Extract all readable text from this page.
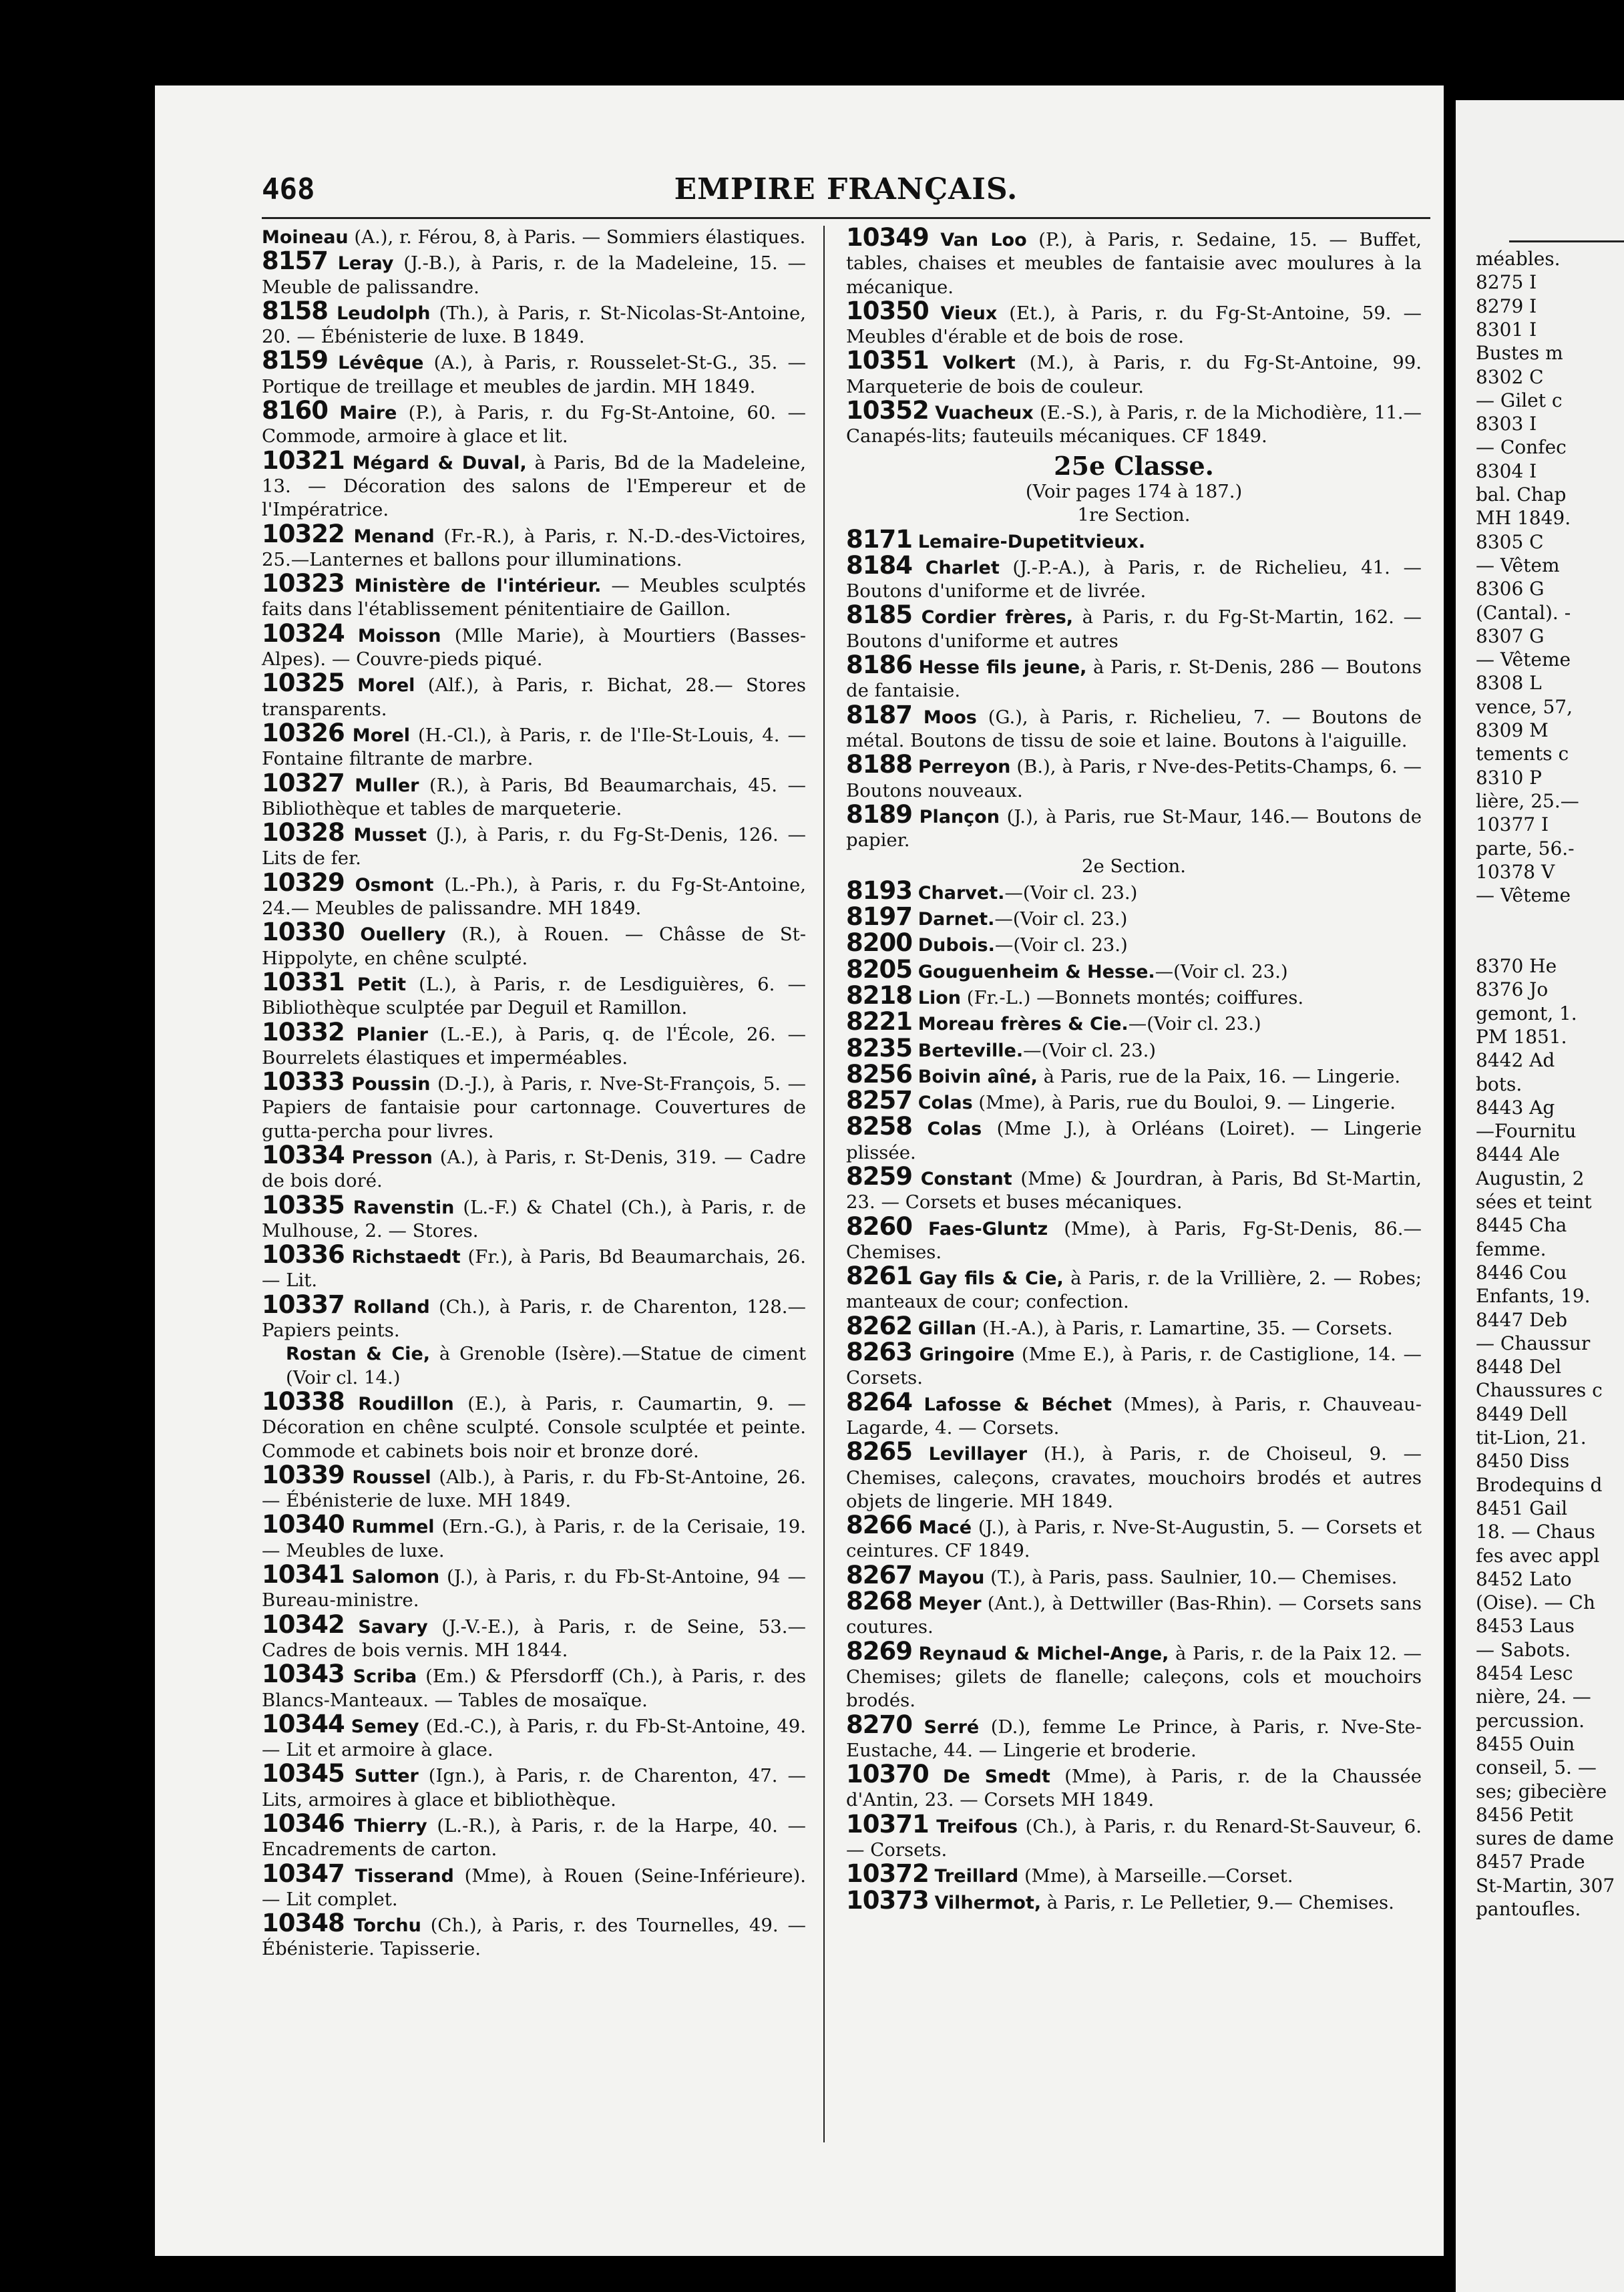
EMPIRE FRANÇAIS.
468

Moineau (A.), r. Férou, 8, à Paris. — Sommiers élastiques.

8157 Leray (J.-B.), à Paris, r. de la Madeleine, 15. — Meuble de palissandre.

8158 Leudolph (Th.), à Paris, r. St-Nicolas-St-Antoine, 20. — Ébénisterie de luxe. B 1849.

8159 Lévêque (A.), à Paris, r. Rousselet-St-G., 35. — Portique de treillage et meubles de jardin. MH 1849.

8160 Maire (P.), à Paris, r. du Fg-St-Antoine, 60. — Commode, armoire à glace et lit.

10321 Mégard & Duval, à Paris, Bd de la Madeleine, 13. — Décoration des salons de l'Empereur et de l'Impératrice.

10322 Menand (Fr.-R.), à Paris, r. N.-D.-des-Victoires, 25.—Lanternes et ballons pour illuminations.

10323 Ministère de l'intérieur. — Meubles sculptés faits dans l'établissement pénitentiaire de Gaillon.

10324 Moisson (Mlle Marie), à Mourtiers (Basses-Alpes). — Couvre-pieds piqué.

10325 Morel (Alf.), à Paris, r. Bichat, 28.— Stores transparents.

10326 Morel (H.-Cl.), à Paris, r. de l'Ile-St-Louis, 4. — Fontaine filtrante de marbre.

10327 Muller (R.), à Paris, Bd Beaumarchais, 45. — Bibliothèque et tables de marqueterie.

10328 Musset (J.), à Paris, r. du Fg-St-Denis, 126. — Lits de fer.

10329 Osmont (L.-Ph.), à Paris, r. du Fg-St-Antoine, 24.— Meubles de palissandre. MH 1849.

10330 Ouellery (R.), à Rouen. — Châsse de St-Hippolyte, en chêne sculpté.

10331 Petit (L.), à Paris, r. de Lesdiguières, 6. — Bibliothèque sculptée par Deguil et Ramillon.

10332 Planier (L.-E.), à Paris, q. de l'École, 26. — Bourrelets élastiques et imperméables.

10333 Poussin (D.-J.), à Paris, r. Nve-St-François, 5. — Papiers de fantaisie pour cartonnage. Couvertures de gutta-percha pour livres.

10334 Presson (A.), à Paris, r. St-Denis, 319. — Cadre de bois doré.

10335 Ravenstin (L.-F.) & Chatel (Ch.), à Paris, r. de Mulhouse, 2. — Stores.

10336 Richstaedt (Fr.), à Paris, Bd Beaumarchais, 26. — Lit.

10337 Rolland (Ch.), à Paris, r. de Charenton, 128.— Papiers peints.

Rostan & Cie, à Grenoble (Isère).—Statue de ciment (Voir cl. 14.)

10338 Roudillon (E.), à Paris, r. Caumartin, 9. —Décoration en chêne sculpté. Console sculptée et peinte. Commode et cabinets bois noir et bronze doré.

10339 Roussel (Alb.), à Paris, r. du Fb-St-Antoine, 26. — Ébénisterie de luxe. MH 1849.

10340 Rummel (Ern.-G.), à Paris, r. de la Cerisaie, 19. — Meubles de luxe.

10341 Salomon (J.), à Paris, r. du Fb-St-Antoine, 94 — Bureau-ministre.

10342 Savary (J.-V.-E.), à Paris, r. de Seine, 53.—Cadres de bois vernis. MH 1844.

10343 Scriba (Em.) & Pfersdorff (Ch.), à Paris, r. des Blancs-Manteaux. — Tables de mosaïque.

10344 Semey (Ed.-C.), à Paris, r. du Fb-St-Antoine, 49. — Lit et armoire à glace.

10345 Sutter (Ign.), à Paris, r. de Charenton, 47. — Lits, armoires à glace et bibliothèque.

10346 Thierry (L.-R.), à Paris, r. de la Harpe, 40. — Encadrements de carton.

10347 Tisserand (Mme), à Rouen (Seine-Inférieure). — Lit complet.

10348 Torchu (Ch.), à Paris, r. des Tournelles, 49. — Ébénisterie. Tapisserie.

10349 Van Loo (P.), à Paris, r. Sedaine, 15. — Buffet, tables, chaises et meubles de fantaisie avec moulures à la mécanique.

10350 Vieux (Et.), à Paris, r. du Fg-St-Antoine, 59. — Meubles d'érable et de bois de rose.

10351 Volkert (M.), à Paris, r. du Fg-St-Antoine, 99. Marqueterie de bois de couleur.

10352 Vuacheux (E.-S.), à Paris, r. de la Michodière, 11.—Canapés-lits; fauteuils mécaniques. CF 1849.

25e Classe.
(Voir pages 174 à 187.)
1re Section.

8171 Lemaire-Dupetitvieux.

8184 Charlet (J.-P.-A.), à Paris, r. de Richelieu, 41. — Boutons d'uniforme et de livrée.

8185 Cordier frères, à Paris, r. du Fg-St-Martin, 162. — Boutons d'uniforme et autres

8186 Hesse fils jeune, à Paris, r. St-Denis, 286 — Boutons de fantaisie.

8187 Moos (G.), à Paris, r. Richelieu, 7. — Boutons de métal. Boutons de tissu de soie et laine. Boutons à l'aiguille.

8188 Perreyon (B.), à Paris, r Nve-des-Petits-Champs, 6. — Boutons nouveaux.

8189 Plançon (J.), à Paris, rue St-Maur, 146.— Boutons de papier.

2e Section.

8193 Charvet.—(Voir cl. 23.)

8197 Darnet.—(Voir cl. 23.)

8200 Dubois.—(Voir cl. 23.)

8205 Gouguenheim & Hesse.—(Voir cl. 23.)

8218 Lion (Fr.-L.) —Bonnets montés; coiffures.

8221 Moreau frères & Cie.—(Voir cl. 23.)

8235 Berteville.—(Voir cl. 23.)

8256 Boivin aîné, à Paris, rue de la Paix, 16. — Lingerie.

8257 Colas (Mme), à Paris, rue du Bouloi, 9. — Lingerie.

8258 Colas (Mme J.), à Orléans (Loiret). — Lingerie plissée.

8259 Constant (Mme) & Jourdran, à Paris, Bd St-Martin, 23. — Corsets et buses mécaniques.

8260 Faes-Gluntz (Mme), à Paris, Fg-St-Denis, 86.—Chemises.

8261 Gay fils & Cie, à Paris, r. de la Vrillière, 2. — Robes; manteaux de cour; confection.

8262 Gillan (H.-A.), à Paris, r. Lamartine, 35. — Corsets.

8263 Gringoire (Mme E.), à Paris, r. de Castiglione, 14. — Corsets.

8264 Lafosse & Béchet (Mmes), à Paris, r. Chauveau-Lagarde, 4. — Corsets.

8265 Levillayer (H.), à Paris, r. de Choiseul, 9. — Chemises, caleçons, cravates, mouchoirs brodés et autres objets de lingerie. MH 1849.

8266 Macé (J.), à Paris, r. Nve-St-Augustin, 5. — Corsets et ceintures. CF 1849.

8267 Mayou (T.), à Paris, pass. Saulnier, 10.— Chemises.

8268 Meyer (Ant.), à Dettwiller (Bas-Rhin). — Corsets sans coutures.

8269 Reynaud & Michel-Ange, à Paris, r. de la Paix 12. — Chemises; gilets de flanelle; caleçons, cols et mouchoirs brodés.

8270 Serré (D.), femme Le Prince, à Paris, r. Nve-Ste-Eustache, 44. — Lingerie et broderie.

10370 De Smedt (Mme), à Paris, r. de la Chaussée d'Antin, 23. — Corsets MH 1849.

10371 Treifous (Ch.), à Paris, r. du Renard-St-Sauveur, 6. — Corsets.

10372 Treillard (Mme), à Marseille.—Corset.

10373 Vilhermot, à Paris, r. Le Pelletier, 9.— Chemises.

méables.
8275 I
8279 I
8301 I
Bustes m
8302 C
— Gilet c
8303 I
— Confec
8304 I
bal. Chap
MH 1849.
8305 C
— Vêtem
8306 G
(Cantal). -
8307 G
— Vêteme
8308 L
vence, 57,
8309 M
tements c
8310 P
lière, 25.—
10377 I
parte, 56.-
10378 V
— Vêteme
8370 He
8376 Jo
gemont, 1.
PM 1851.
8442 Ad
bots.
8443 Ag
—Fournitu
8444 Ale
Augustin, 2
sées et teint
8445 Cha
femme.
8446 Cou
Enfants, 19.
8447 Deb
— Chaussur
8448 Del
Chaussures c
8449 Dell
tit-Lion, 21.
8450 Diss
Brodequins d
8451 Gail
18. — Chaus
fes avec appl
8452 Lato
(Oise). — Ch
8453 Laus
— Sabots.
8454 Lesc
nière, 24. —
percussion.
8455 Ouin
conseil, 5. —
ses; gibecière
8456 Petit
sures de dame
8457 Prade
St-Martin, 307
pantoufles.
